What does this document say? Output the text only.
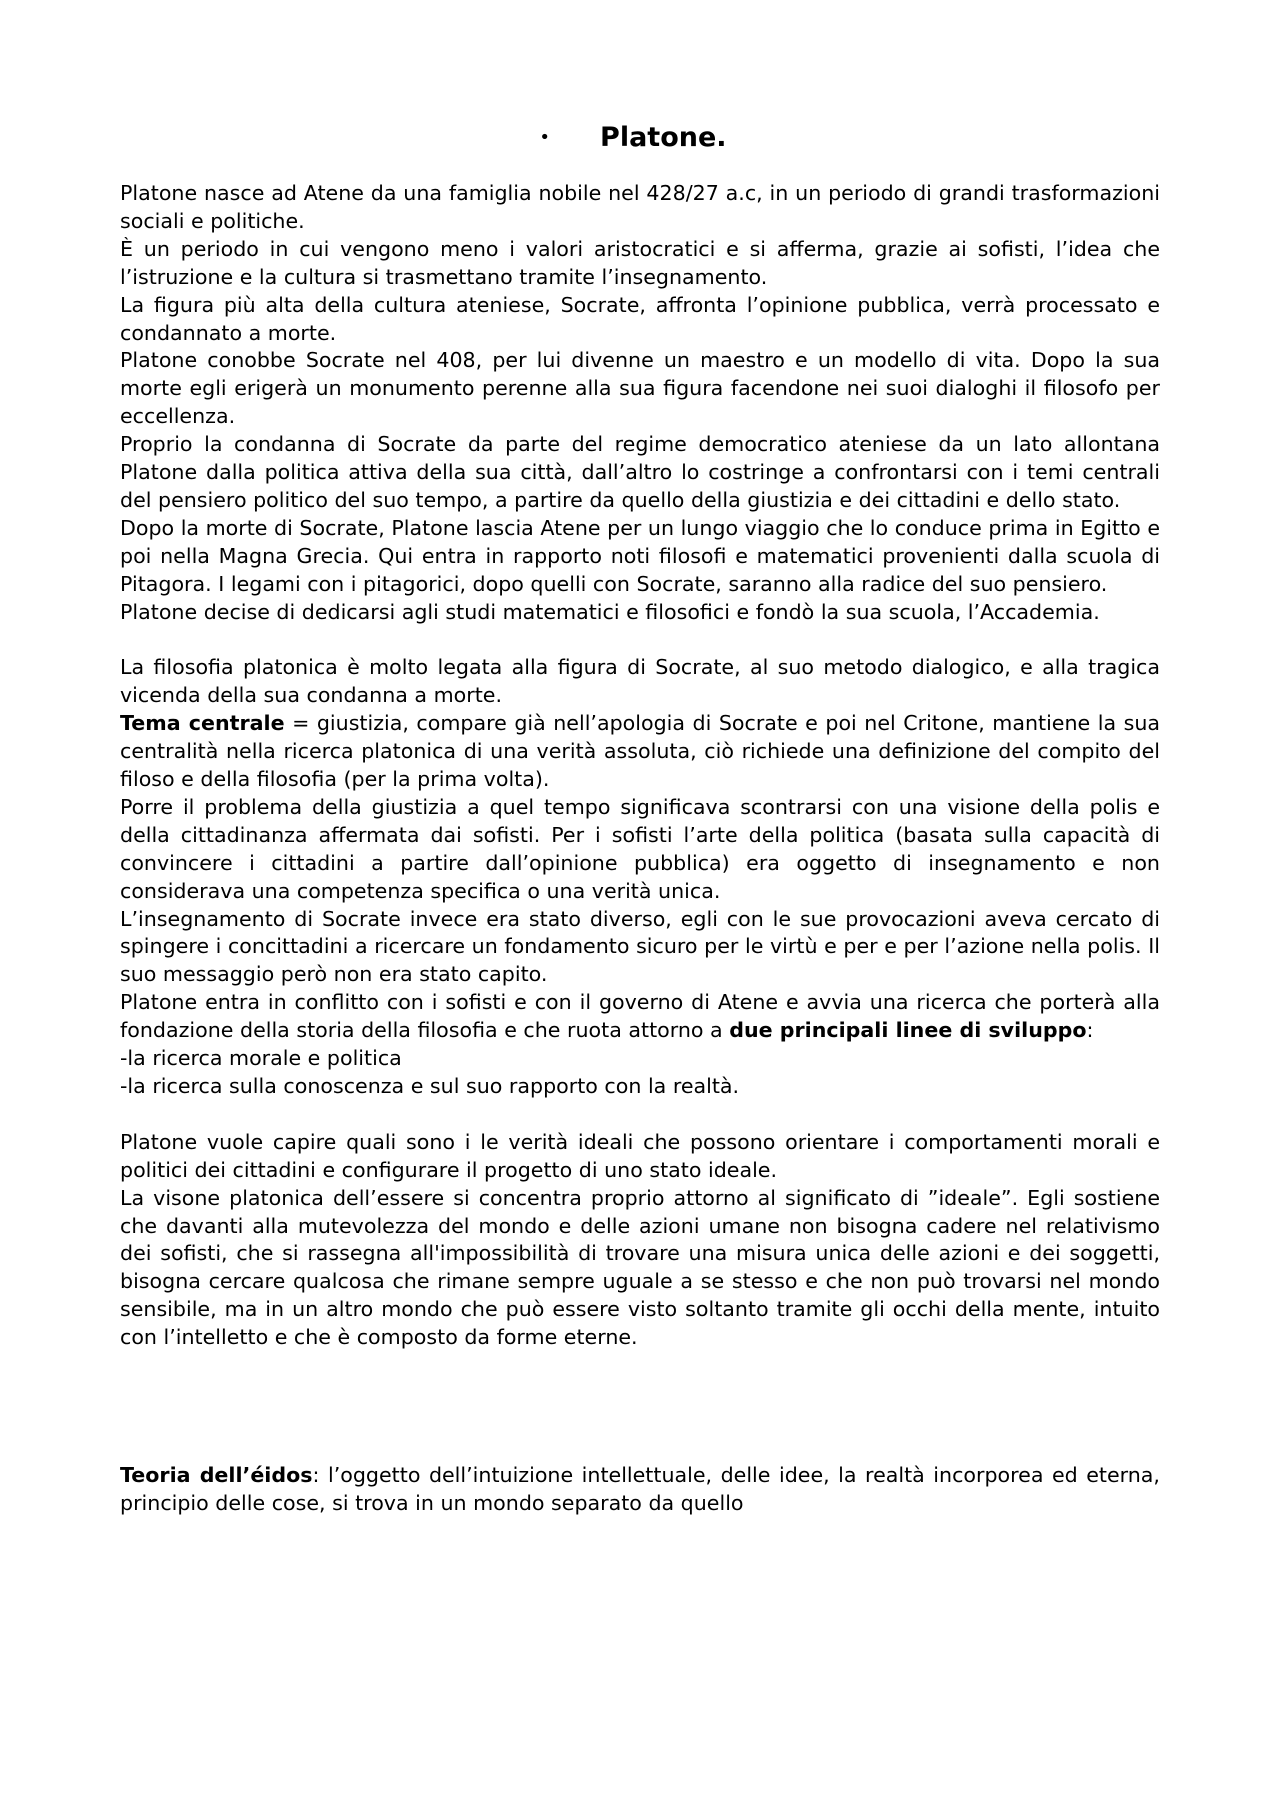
• Platone.

Platone nasce ad Atene da una famiglia nobile nel 428/27 a.c, in un periodo di grandi trasformazioni sociali e politiche.

È un periodo in cui vengono meno i valori aristocratici e si afferma, grazie ai sofisti, l’idea che l’istruzione e la cultura si trasmettano tramite l’insegnamento.

La figura più alta della cultura ateniese, Socrate, affronta l’opinione pubblica, verrà processato e condannato a morte.

Platone conobbe Socrate nel 408, per lui divenne un maestro e un modello di vita. Dopo la sua morte egli erigerà un monumento perenne alla sua figura facendone nei suoi dialoghi il filosofo per eccellenza.

Proprio la condanna di Socrate da parte del regime democratico ateniese da un lato allontana Platone dalla politica attiva della sua città, dall’altro lo costringe a confrontarsi con i temi centrali del pensiero politico del suo tempo, a partire da quello della giustizia e dei cittadini e dello stato.

Dopo la morte di Socrate, Platone lascia Atene per un lungo viaggio che lo conduce prima in Egitto e poi nella Magna Grecia. Qui entra in rapporto noti filosofi e matematici provenienti dalla scuola di Pitagora. I legami con i pitagorici, dopo quelli con Socrate, saranno alla radice del suo pensiero.

Platone decise di dedicarsi agli studi matematici e filosofici e fondò la sua scuola, l’Accademia.

La filosofia platonica è molto legata alla figura di Socrate, al suo metodo dialogico, e alla tragica vicenda della sua condanna a morte.

Tema centrale = giustizia, compare già nell’apologia di Socrate e poi nel Critone, mantiene la sua centralità nella ricerca platonica di una verità assoluta, ciò richiede una definizione del compito del filoso e della filosofia (per la prima volta).

Porre il problema della giustizia a quel tempo significava scontrarsi con una visione della polis e della cittadinanza affermata dai sofisti. Per i sofisti l’arte della politica (basata sulla capacità di convincere i cittadini a partire dall’opinione pubblica) era oggetto di insegnamento e non considerava una competenza specifica o una verità unica.

L’insegnamento di Socrate invece era stato diverso, egli con le sue provocazioni aveva cercato di spingere i concittadini a ricercare un fondamento sicuro per le virtù e per e per l’azione nella polis. Il suo messaggio però non era stato capito.

Platone entra in conflitto con i sofisti e con il governo di Atene e avvia una ricerca che porterà alla fondazione della storia della filosofia e che ruota attorno a due principali linee di sviluppo:

-la ricerca morale e politica

-la ricerca sulla conoscenza e sul suo rapporto con la realtà.

Platone vuole capire quali sono i le verità ideali che possono orientare i comportamenti morali e politici dei cittadini e configurare il progetto di uno stato ideale.

La visone platonica dell’essere si concentra proprio attorno al significato di ”ideale”. Egli sostiene che davanti alla mutevolezza del mondo e delle azioni umane non bisogna cadere nel relativismo dei sofisti, che si rassegna all'impossibilità di trovare una misura unica delle azioni e dei soggetti, bisogna cercare qualcosa che rimane sempre uguale a se stesso e che non può trovarsi nel mondo sensibile, ma in un altro mondo che può essere visto soltanto tramite gli occhi della mente, intuito con l’intelletto e che è composto da forme eterne.

Teoria dell’éidos: l’oggetto dell’intuizione intellettuale, delle idee, la realtà incorporea ed eterna, principio delle cose, si trova in un mondo separato da quello
